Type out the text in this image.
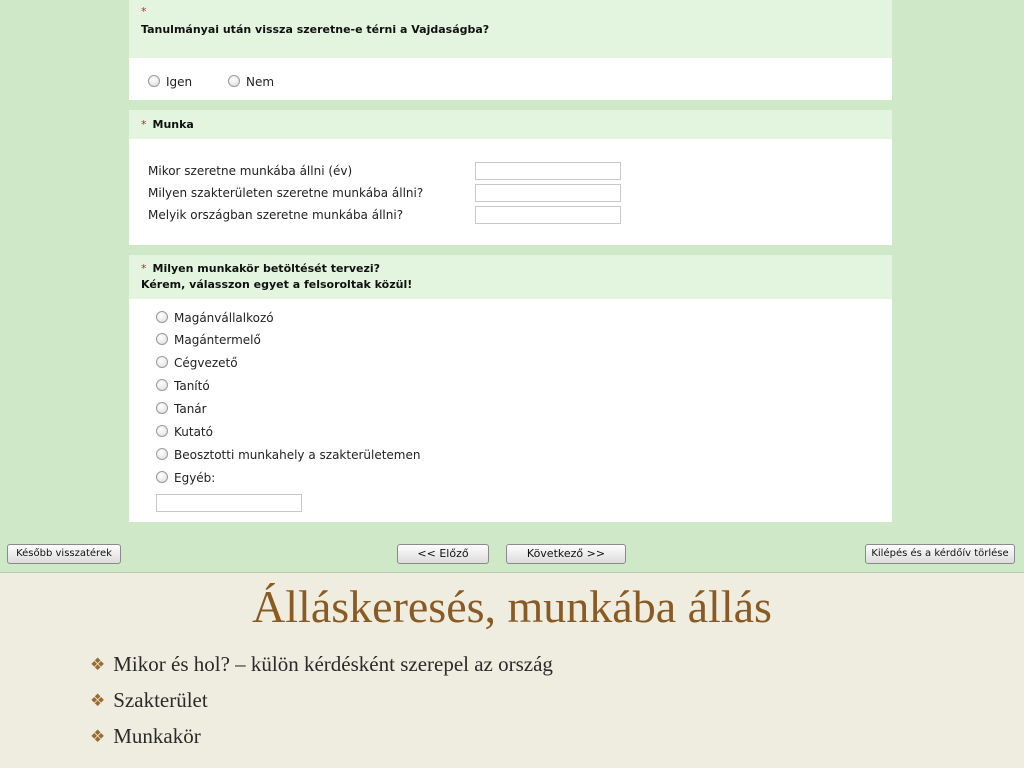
*
Tanulmányai után vissza szeretne-e térni a Vajdaságba?
Igen	Nem
* Munka
Mikor szeretne munkába állni (év)
Milyen szakterületen szeretne munkába állni?
Melyik országban szeretne munkába állni?
* Milyen munkakör betöltését tervezi?
Kérem, válasszon egyet a felsoroltak közül!
Magánvállalkozó
Magántermelő
Cégvezető
Tanító
Tanár
Kutató
Beosztotti munkahely a szakterületemen
Egyéb:
Később visszatérek	<< Előző	Következő >>	Kilépés és a kérdőív törlése
Álláskeresés, munkába állás
❖ Mikor és hol? – külön kérdésként szerepel az ország
❖ Szakterület
❖ Munkakör
